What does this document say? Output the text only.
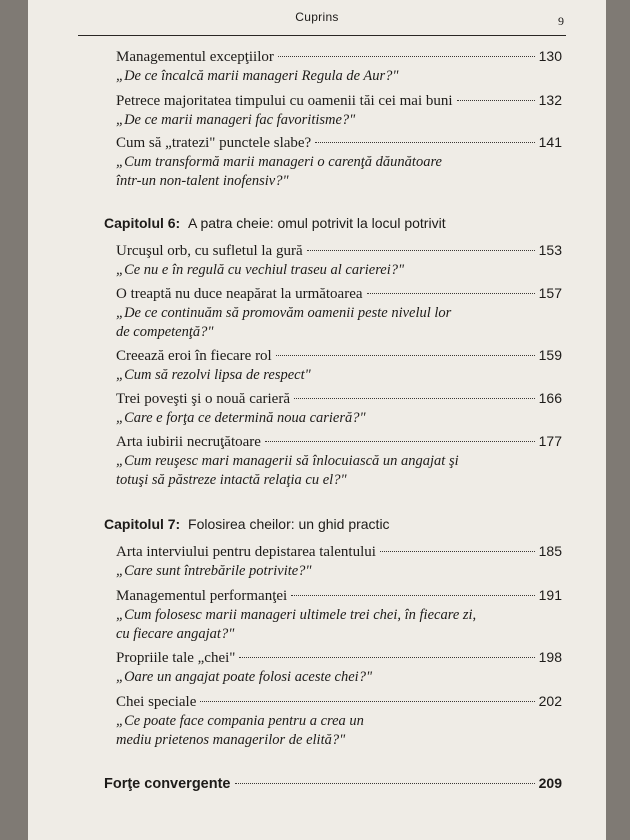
Cuprins	9
Managementul excepţiilor	130
„De ce încalcă marii manageri Regula de Aur?"
Petrece majoritatea timpului cu oamenii tăi cei mai buni	132
„De ce marii manageri fac favoritisme?"
Cum să „tratezi" punctele slabe?	141
„Cum transformă marii manageri o carenţă dăunătoare
într-un non-talent inofensiv?"
Capitolul 6: A patra cheie: omul potrivit la locul potrivit
Urcuşul orb, cu sufletul la gură	153
„Ce nu e în regulă cu vechiul traseu al carierei?"
O treaptă nu duce neapărat la următoarea	157
„De ce continuăm să promovăm oamenii peste nivelul lor
de competenţă?"
Creează eroi în fiecare rol	159
„Cum să rezolvi lipsa de respect"
Trei poveşti şi o nouă carieră	166
„Care e forţa ce determină noua carieră?"
Arta iubirii necruţătoare	177
„Cum reuşesc mari managerii să înlocuiască un angajat şi
totuşi să păstreze intactă relaţia cu el?"
Capitolul 7: Folosirea cheilor: un ghid practic
Arta interviului pentru depistarea talentului	185
„Care sunt întrebările potrivite?"
Managementul performanţei	191
„Cum folosesc marii manageri ultimele trei chei, în fiecare zi,
cu fiecare angajat?"
Propriile tale „chei"	198
„Oare un angajat poate folosi aceste chei?"
Chei speciale	202
„Ce poate face compania pentru a crea un
mediu prietenos managerilor de elită?"
Forţe convergente	209
